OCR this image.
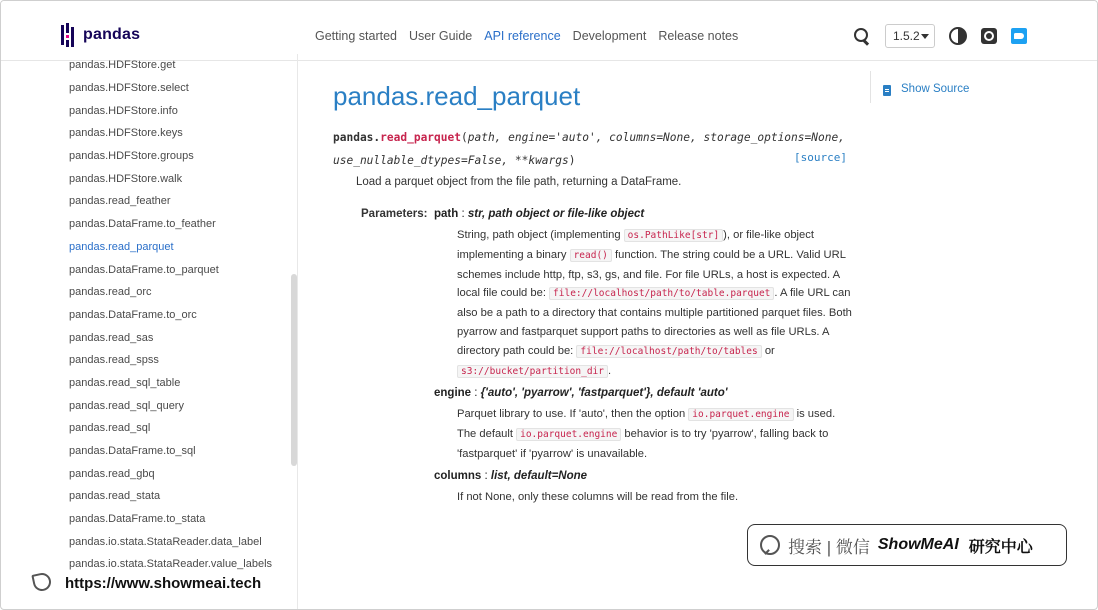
pandas	Getting started User Guide API reference Development Release notes	1.5.2
pandas.HDFStore.get
pandas.HDFStore.select
pandas.HDFStore.info
pandas.HDFStore.keys
pandas.HDFStore.groups
pandas.HDFStore.walk
pandas.read_feather
pandas.DataFrame.to_feather
pandas.read_parquet
pandas.DataFrame.to_parquet
pandas.read_orc
pandas.DataFrame.to_orc
pandas.read_sas
pandas.read_spss
pandas.read_sql_table
pandas.read_sql_query
pandas.read_sql
pandas.DataFrame.to_sql
pandas.read_gbq
pandas.read_stata
pandas.DataFrame.to_stata
pandas.io.stata.StataReader.data_label
pandas.io.stata.StataReader.value_labels
pandas.read_parquet
pandas.read_parquet(path, engine='auto', columns=None, storage_options=None,
use_nullable_dtypes=False, **kwargs)	[source]

Load a parquet object from the file path, returning a DataFrame.

Parameters: path : str, path object or file-like object
String, path object (implementing os.PathLike[str] ), or file-like object implementing a binary read() function. The string could be a URL. Valid URL schemes include http, ftp, s3, gs, and file. For file URLs, a host is expected. A local file could be: file://localhost/path/to/table.parquet . A file URL can also be a path to a directory that contains multiple partitioned parquet files. Both pyarrow and fastparquet support paths to directories as well as file URLs. A directory path could be: file://localhost/path/to/tables or s3://bucket/partition_dir .
engine : {'auto', 'pyarrow', 'fastparquet'}, default 'auto'
Parquet library to use. If 'auto', then the option io.parquet.engine is used. The default io.parquet.engine behavior is to try 'pyarrow', falling back to 'fastparquet' if 'pyarrow' is unavailable.
columns : list, default=None
If not None, only these columns will be read from the file.
Show Source
https://www.showmeai.tech
搜索 | 微信 ShowMeAI 研究中心
